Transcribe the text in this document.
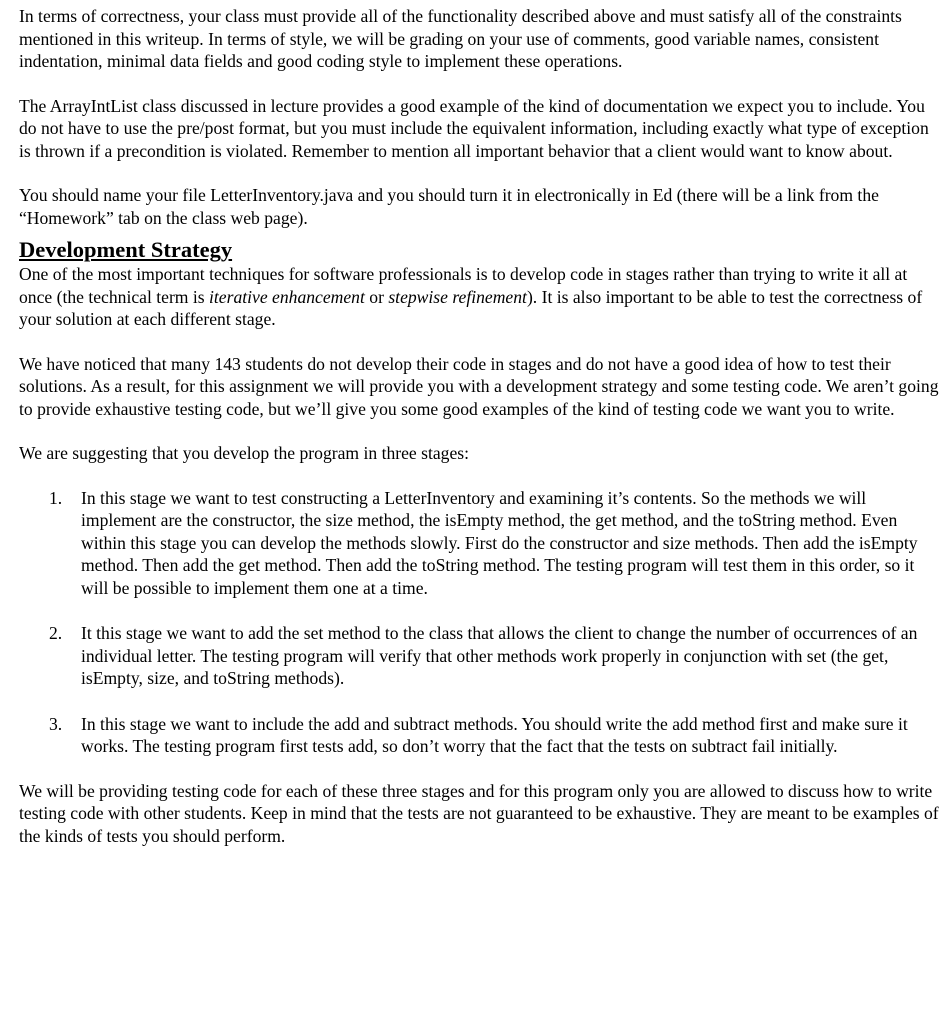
In terms of correctness, your class must provide all of the functionality described above and must satisfy all of the constraints mentioned in this writeup. In terms of style, we will be grading on your use of comments, good variable names, consistent indentation, minimal data fields and good coding style to implement these operations.

The ArrayIntList class discussed in lecture provides a good example of the kind of documentation we expect you to include. You do not have to use the pre/post format, but you must include the equivalent information, including exactly what type of exception is thrown if a precondition is violated. Remember to mention all important behavior that a client would want to know about.

You should name your file LetterInventory.java and you should turn it in electronically in Ed (there will be a link from the “Homework” tab on the class web page).

Development Strategy

One of the most important techniques for software professionals is to develop code in stages rather than trying to write it all at once (the technical term is iterative enhancement or stepwise refinement). It is also important to be able to test the correctness of your solution at each different stage.

We have noticed that many 143 students do not develop their code in stages and do not have a good idea of how to test their solutions. As a result, for this assignment we will provide you with a development strategy and some testing code. We aren’t going to provide exhaustive testing code, but we’ll give you some good examples of the kind of testing code we want you to write.

We are suggesting that you develop the program in three stages:

1. In this stage we want to test constructing a LetterInventory and examining it’s contents. So the methods we will implement are the constructor, the size method, the isEmpty method, the get method, and the toString method. Even within this stage you can develop the methods slowly. First do the constructor and size methods. Then add the isEmpty method. Then add the get method. Then add the toString method. The testing program will test them in this order, so it will be possible to implement them one at a time.
2. It this stage we want to add the set method to the class that allows the client to change the number of occurrences of an individual letter. The testing program will verify that other methods work properly in conjunction with set (the get, isEmpty, size, and toString methods).
3. In this stage we want to include the add and subtract methods. You should write the add method first and make sure it works. The testing program first tests add, so don’t worry that the fact that the tests on subtract fail initially.

We will be providing testing code for each of these three stages and for this program only you are allowed to discuss how to write testing code with other students. Keep in mind that the tests are not guaranteed to be exhaustive. They are meant to be examples of the kinds of tests you should perform.
